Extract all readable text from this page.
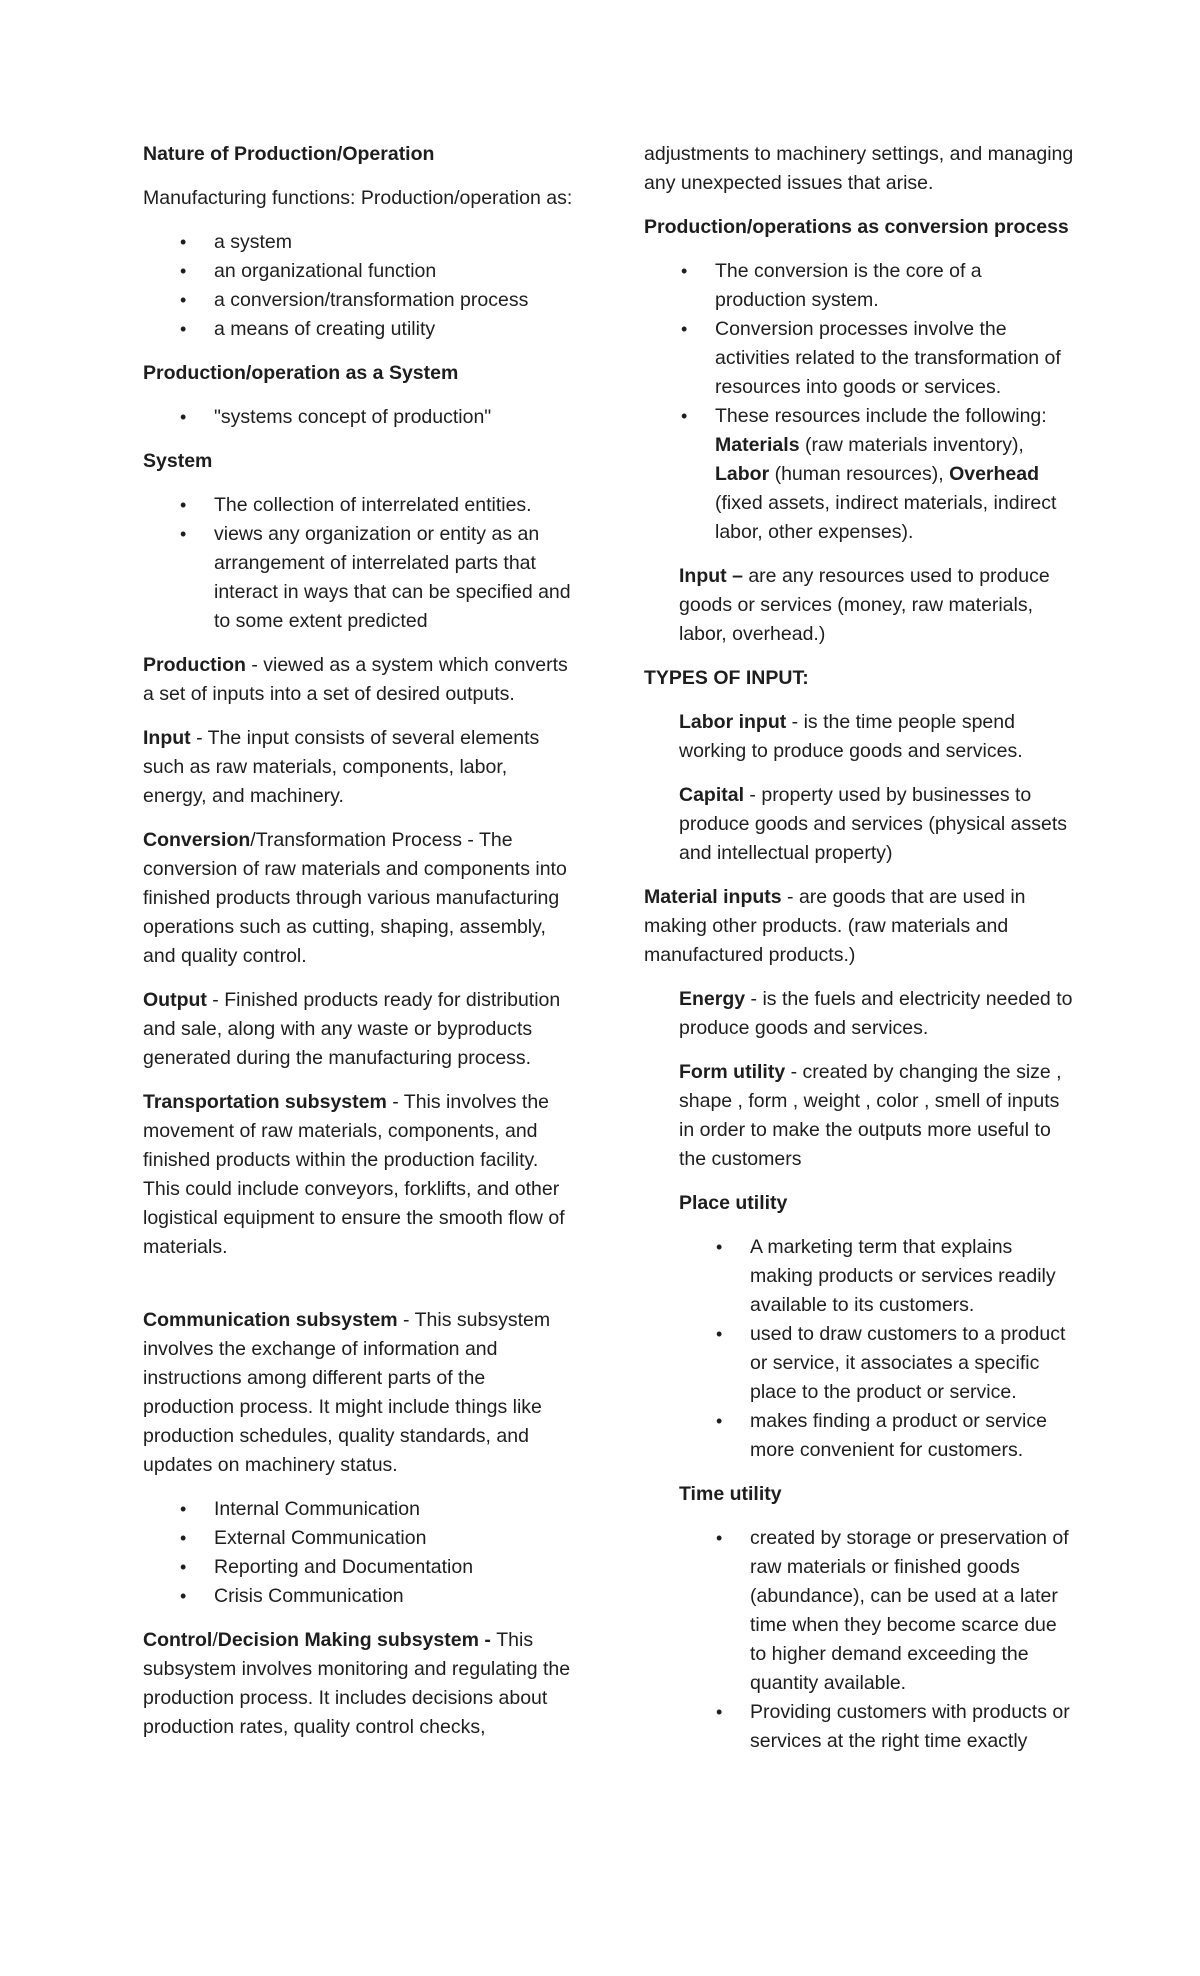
Nature of Production/Operation

Manufacturing functions: Production/operation as:

• a system
• an organizational function
• a conversion/transformation process
• a means of creating utility

Production/operation as a System

• "systems concept of production"

System

• The collection of interrelated entities.
• views any organization or entity as an arrangement of interrelated parts that interact in ways that can be specified and to some extent predicted

Production - viewed as a system which converts a set of inputs into a set of desired outputs.

Input - The input consists of several elements such as raw materials, components, labor, energy, and machinery.

Conversion/Transformation Process - The conversion of raw materials and components into finished products through various manufacturing operations such as cutting, shaping, assembly, and quality control.

Output - Finished products ready for distribution and sale, along with any waste or byproducts generated during the manufacturing process.

Transportation subsystem - This involves the movement of raw materials, components, and finished products within the production facility. This could include conveyors, forklifts, and other logistical equipment to ensure the smooth flow of materials.

Communication subsystem - This subsystem involves the exchange of information and instructions among different parts of the production process. It might include things like production schedules, quality standards, and updates on machinery status.

• Internal Communication
• External Communication
• Reporting and Documentation
• Crisis Communication

Control/Decision Making subsystem - This subsystem involves monitoring and regulating the production process. It includes decisions about production rates, quality control checks,

adjustments to machinery settings, and managing any unexpected issues that arise.

Production/operations as conversion process

• The conversion is the core of a production system.
• Conversion processes involve the activities related to the transformation of resources into goods or services.
• These resources include the following: Materials (raw materials inventory), Labor (human resources), Overhead (fixed assets, indirect materials, indirect labor, other expenses).

Input – are any resources used to produce goods or services (money, raw materials, labor, overhead.)

TYPES OF INPUT:

Labor input - is the time people spend working to produce goods and services.

Capital - property used by businesses to produce goods and services (physical assets and intellectual property)

Material inputs - are goods that are used in making other products. (raw materials and manufactured products.)

Energy - is the fuels and electricity needed to produce goods and services.

Form utility - created by changing the size , shape , form , weight , color , smell of inputs in order to make the outputs more useful to the customers

Place utility

• A marketing term that explains making products or services readily available to its customers.
• used to draw customers to a product or service, it associates a specific place to the product or service.
• makes finding a product or service more convenient for customers.

Time utility

• created by storage or preservation of raw materials or finished goods (abundance), can be used at a later time when they become scarce due to higher demand exceeding the quantity available.
• Providing customers with products or services at the right time exactly
